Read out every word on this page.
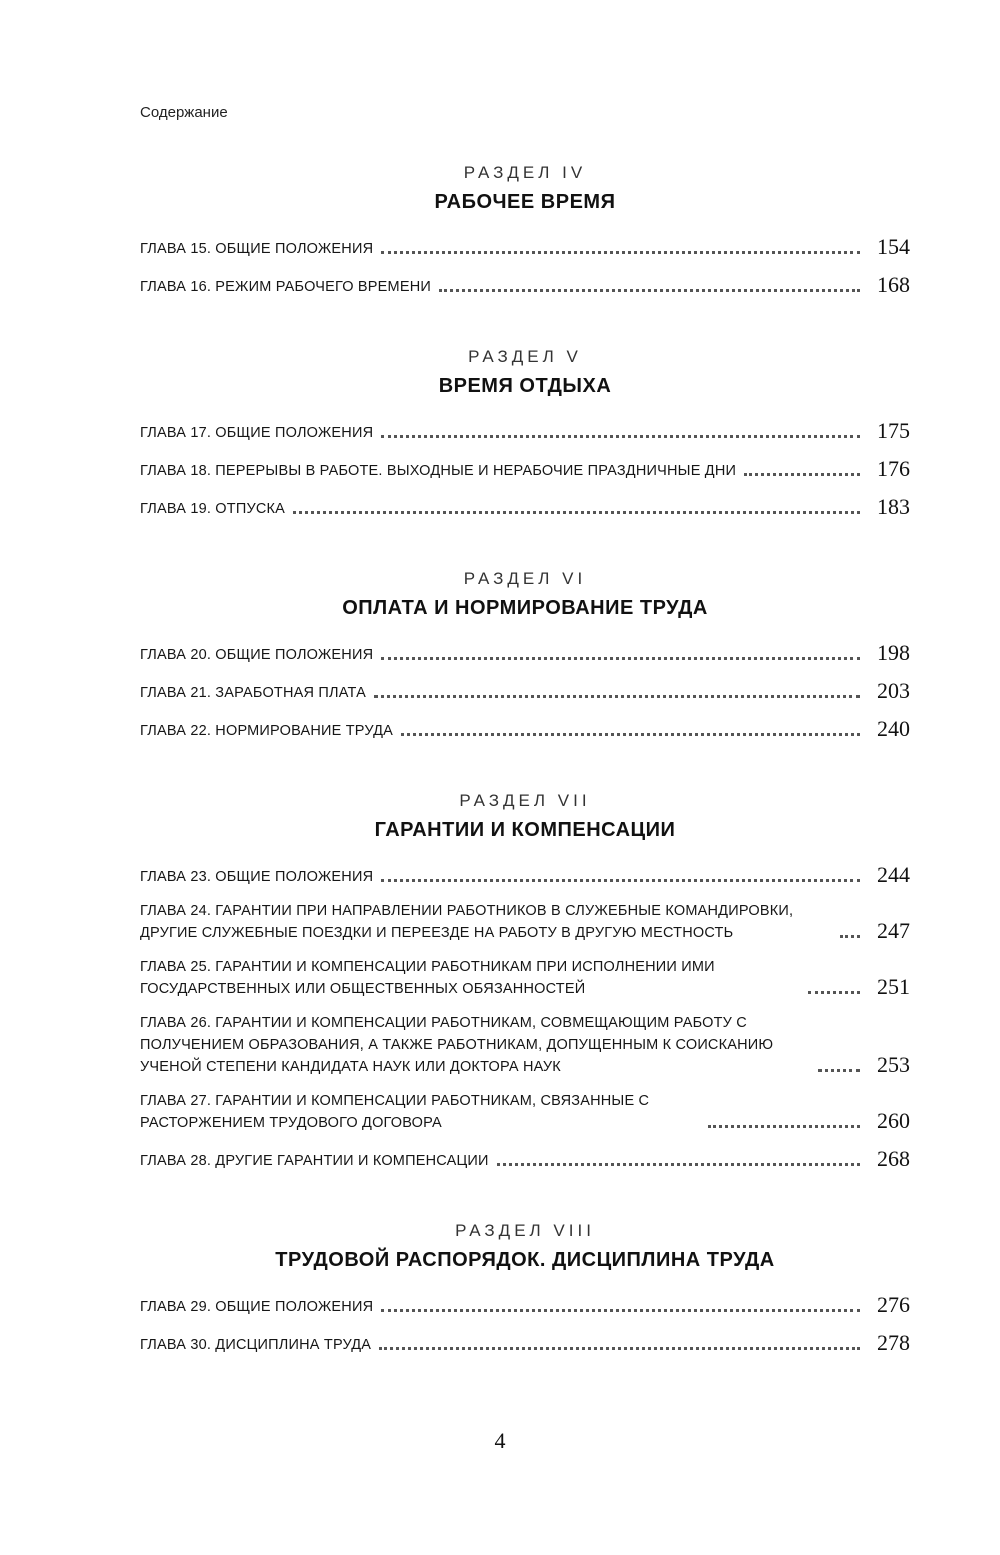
Содержание
РАЗДЕЛ IV
РАБОЧЕЕ ВРЕМЯ
ГЛАВА 15. ОБЩИЕ ПОЛОЖЕНИЯ	154
ГЛАВА 16. РЕЖИМ РАБОЧЕГО ВРЕМЕНИ	168
РАЗДЕЛ V
ВРЕМЯ ОТДЫХА
ГЛАВА 17. ОБЩИЕ ПОЛОЖЕНИЯ	175
ГЛАВА 18. ПЕРЕРЫВЫ В РАБОТЕ. ВЫХОДНЫЕ И НЕРАБОЧИЕ ПРАЗДНИЧНЫЕ ДНИ	176
ГЛАВА 19. ОТПУСКА	183
РАЗДЕЛ VI
ОПЛАТА И НОРМИРОВАНИЕ ТРУДА
ГЛАВА 20. ОБЩИЕ ПОЛОЖЕНИЯ	198
ГЛАВА 21. ЗАРАБОТНАЯ ПЛАТА	203
ГЛАВА 22. НОРМИРОВАНИЕ ТРУДА	240
РАЗДЕЛ VII
ГАРАНТИИ И КОМПЕНСАЦИИ
ГЛАВА 23. ОБЩИЕ ПОЛОЖЕНИЯ	244
ГЛАВА 24. ГАРАНТИИ ПРИ НАПРАВЛЕНИИ РАБОТНИКОВ В СЛУЖЕБНЫЕ КОМАНДИРОВКИ, ДРУГИЕ СЛУЖЕБНЫЕ ПОЕЗДКИ И ПЕРЕЕЗДЕ НА РАБОТУ В ДРУГУЮ МЕСТНОСТЬ	247
ГЛАВА 25. ГАРАНТИИ И КОМПЕНСАЦИИ РАБОТНИКАМ ПРИ ИСПОЛНЕНИИ ИМИ ГОСУДАРСТВЕННЫХ ИЛИ ОБЩЕСТВЕННЫХ ОБЯЗАННОСТЕЙ	251
ГЛАВА 26. ГАРАНТИИ И КОМПЕНСАЦИИ РАБОТНИКАМ, СОВМЕЩАЮЩИМ РАБОТУ С ПОЛУЧЕНИЕМ ОБРАЗОВАНИЯ, А ТАКЖЕ РАБОТНИКАМ, ДОПУЩЕННЫМ К СОИСКАНИЮ УЧЕНОЙ СТЕПЕНИ КАНДИДАТА НАУК ИЛИ ДОКТОРА НАУК	253
ГЛАВА 27. ГАРАНТИИ И КОМПЕНСАЦИИ РАБОТНИКАМ, СВЯЗАННЫЕ С РАСТОРЖЕНИЕМ ТРУДОВОГО ДОГОВОРА	260
ГЛАВА 28. ДРУГИЕ ГАРАНТИИ И КОМПЕНСАЦИИ	268
РАЗДЕЛ VIII
ТРУДОВОЙ РАСПОРЯДОК. ДИСЦИПЛИНА ТРУДА
ГЛАВА 29. ОБЩИЕ ПОЛОЖЕНИЯ	276
ГЛАВА 30. ДИСЦИПЛИНА ТРУДА	278
4
